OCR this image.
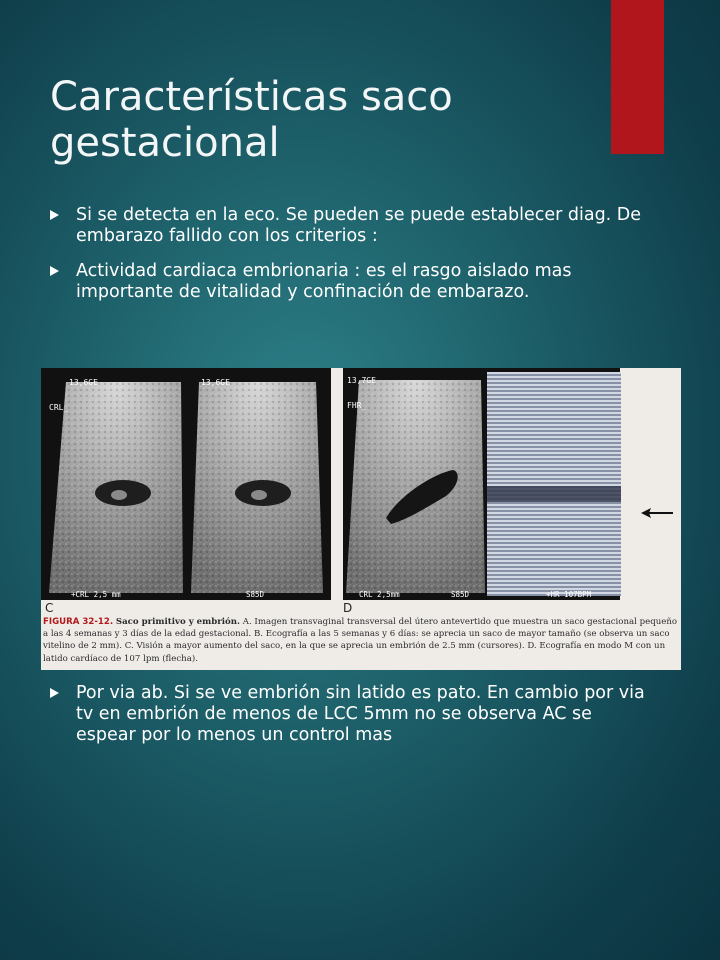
Características saco gestacional
Si se detecta en la eco. Se pueden se puede establecer diag. De embarazo fallido con los criterios :
Actividad cardiaca embrionaria : es el rasgo aislado mas importante de vitalidad y confinación de embarazo.
13,6GE	13,6GE
CRL_
+CRL 2,5 mm	S85D
C
13,7GE
FHR_
CRL 2,5mm	S85D	+HR 107BPM
D
FIGURA 32-12. Saco primitivo y embrión. A. Imagen transvaginal transversal del útero antevertido que muestra un saco gestacional pequeño a las 4 semanas y 3 días de la edad gestacional. B. Ecografía a las 5 semanas y 6 días: se aprecia un saco de mayor tamaño (se observa un saco vitelino de 2 mm). C. Visión a mayor aumento del saco, en la que se aprecia un embrión de 2.5 mm (cursores). D. Ecografía en modo M con un latido cardíaco de 107 lpm (flecha).
Por via ab. Si se ve embrión sin latido es pato. En cambio por via tv en embrión de menos de LCC 5mm no se observa AC se espear por lo menos un control mas
